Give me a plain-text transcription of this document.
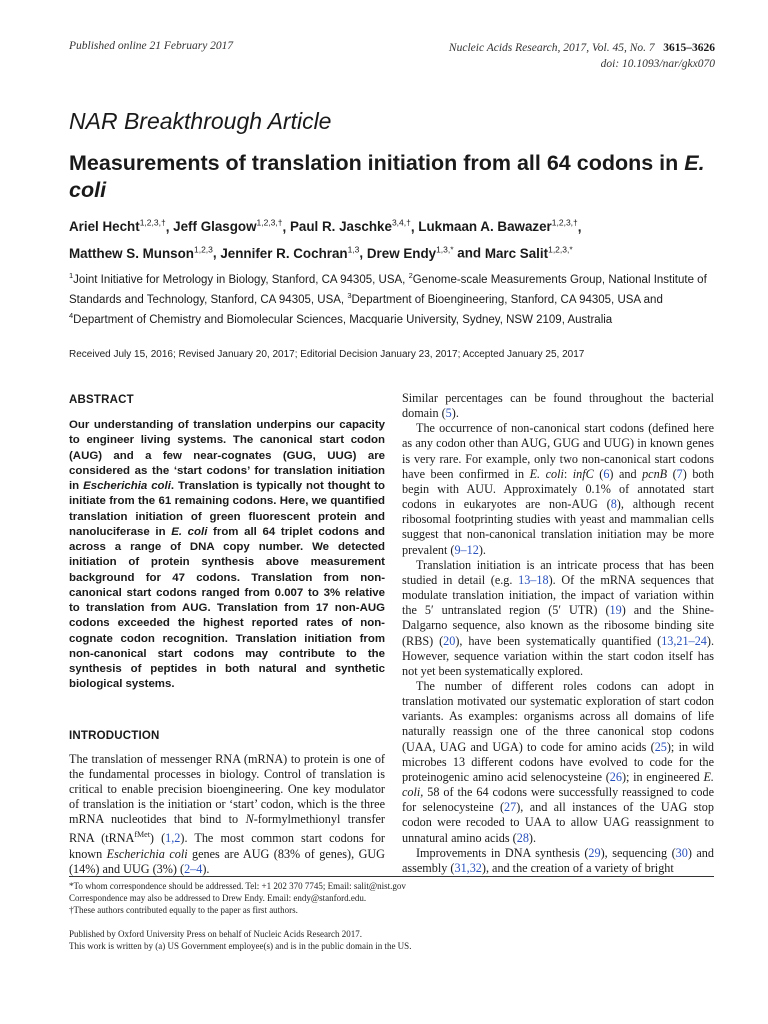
Published online 21 February 2017	Nucleic Acids Research, 2017, Vol. 45, No. 7 3615–3626
doi: 10.1093/nar/gkx070
NAR Breakthrough Article
Measurements of translation initiation from all 64 codons in E. coli
Ariel Hecht$^{1,2,3,\dagger}$, Jeff Glasgow$^{1,2,3,\dagger}$, Paul R. Jaschke$^{3,4,\dagger}$, Lukmaan A. Bawazer$^{1,2,3,\dagger}$,
Matthew S. Munson$^{1,2,3}$, Jennifer R. Cochran$^{1,3}$, Drew Endy$^{1,3,*}$ and Marc Salit$^{1,2,3,*}$
$^1$Joint Initiative for Metrology in Biology, Stanford, CA 94305, USA, $^2$Genome-scale Measurements Group, National Institute of Standards and Technology, Stanford, CA 94305, USA, $^3$Department of Bioengineering, Stanford, CA 94305, USA and $^4$Department of Chemistry and Biomolecular Sciences, Macquarie University, Sydney, NSW 2109, Australia
Received July 15, 2016; Revised January 20, 2017; Editorial Decision January 23, 2017; Accepted January 25, 2017
ABSTRACT
Our understanding of translation underpins our capacity to engineer living systems. The canonical start codon (AUG) and a few near-cognates (GUG, UUG) are considered as the ‘start codons’ for translation initiation in Escherichia coli. Translation is typically not thought to initiate from the 61 remaining codons. Here, we quantified translation initiation of green fluorescent protein and nanoluciferase in E. coli from all 64 triplet codons and across a range of DNA copy number. We detected initiation of protein synthesis above measurement background for 47 codons. Translation from non-canonical start codons ranged from 0.007 to 3% relative to translation from AUG. Translation from 17 non-AUG codons exceeded the highest reported rates of non-cognate codon recognition. Translation initiation from non-canonical start codons may contribute to the synthesis of peptides in both natural and synthetic biological systems.
INTRODUCTION

The translation of messenger RNA (mRNA) to protein is one of the fundamental processes in biology. Control of translation is critical to enable precision bioengineering. One key modulator of translation is the initiation or ‘start’ codon, which is the three mRNA nucleotides that bind to N-formylmethionyl transfer RNA (tRNA$^{fMet}$) (1,2). The most common start codons for known Escherichia coli genes are AUG (83% of genes), GUG (14%) and UUG (3%) (2–4).

Similar percentages can be found throughout the bacterial domain (5).

The occurrence of non-canonical start codons (defined here as any codon other than AUG, GUG and UUG) in known genes is very rare. For example, only two non-canonical start codons have been confirmed in E. coli: infC (6) and pcnB (7) both begin with AUU. Approximately 0.1% of annotated start codons in eukaryotes are non-AUG (8), although recent ribosomal footprinting studies with yeast and mammalian cells suggest that non-canonical translation initiation may be more prevalent (9–12).

Translation initiation is an intricate process that has been studied in detail (e.g. 13–18). Of the mRNA sequences that modulate translation initiation, the impact of variation within the 5′ untranslated region (5′ UTR) (19) and the Shine-Dalgarno sequence, also known as the ribosome binding site (RBS) (20), have been systematically quantified (13,21–24). However, sequence variation within the start codon itself has not yet been systematically explored.

The number of different roles codons can adopt in translation motivated our systematic exploration of start codon variants. As examples: organisms across all domains of life naturally reassign one of the three canonical stop codons (UAA, UAG and UGA) to code for amino acids (25); in wild microbes 13 different codons have evolved to code for the proteinogenic amino acid selenocysteine (26); in engineered E. coli, 58 of the 64 codons were successfully reassigned to code for selenocysteine (27), and all instances of the UAG stop codon were recoded to UAA to allow UAG reassignment to unnatural amino acids (28).

Improvements in DNA synthesis (29), sequencing (30) and assembly (31,32), and the creation of a variety of bright

*To whom correspondence should be addressed. Tel: +1 202 370 7745; Email: salit@nist.gov
Correspondence may also be addressed to Drew Endy. Email: endy@stanford.edu.
†These authors contributed equally to the paper as first authors.
Published by Oxford University Press on behalf of Nucleic Acids Research 2017.
This work is written by (a) US Government employee(s) and is in the public domain in the US.
